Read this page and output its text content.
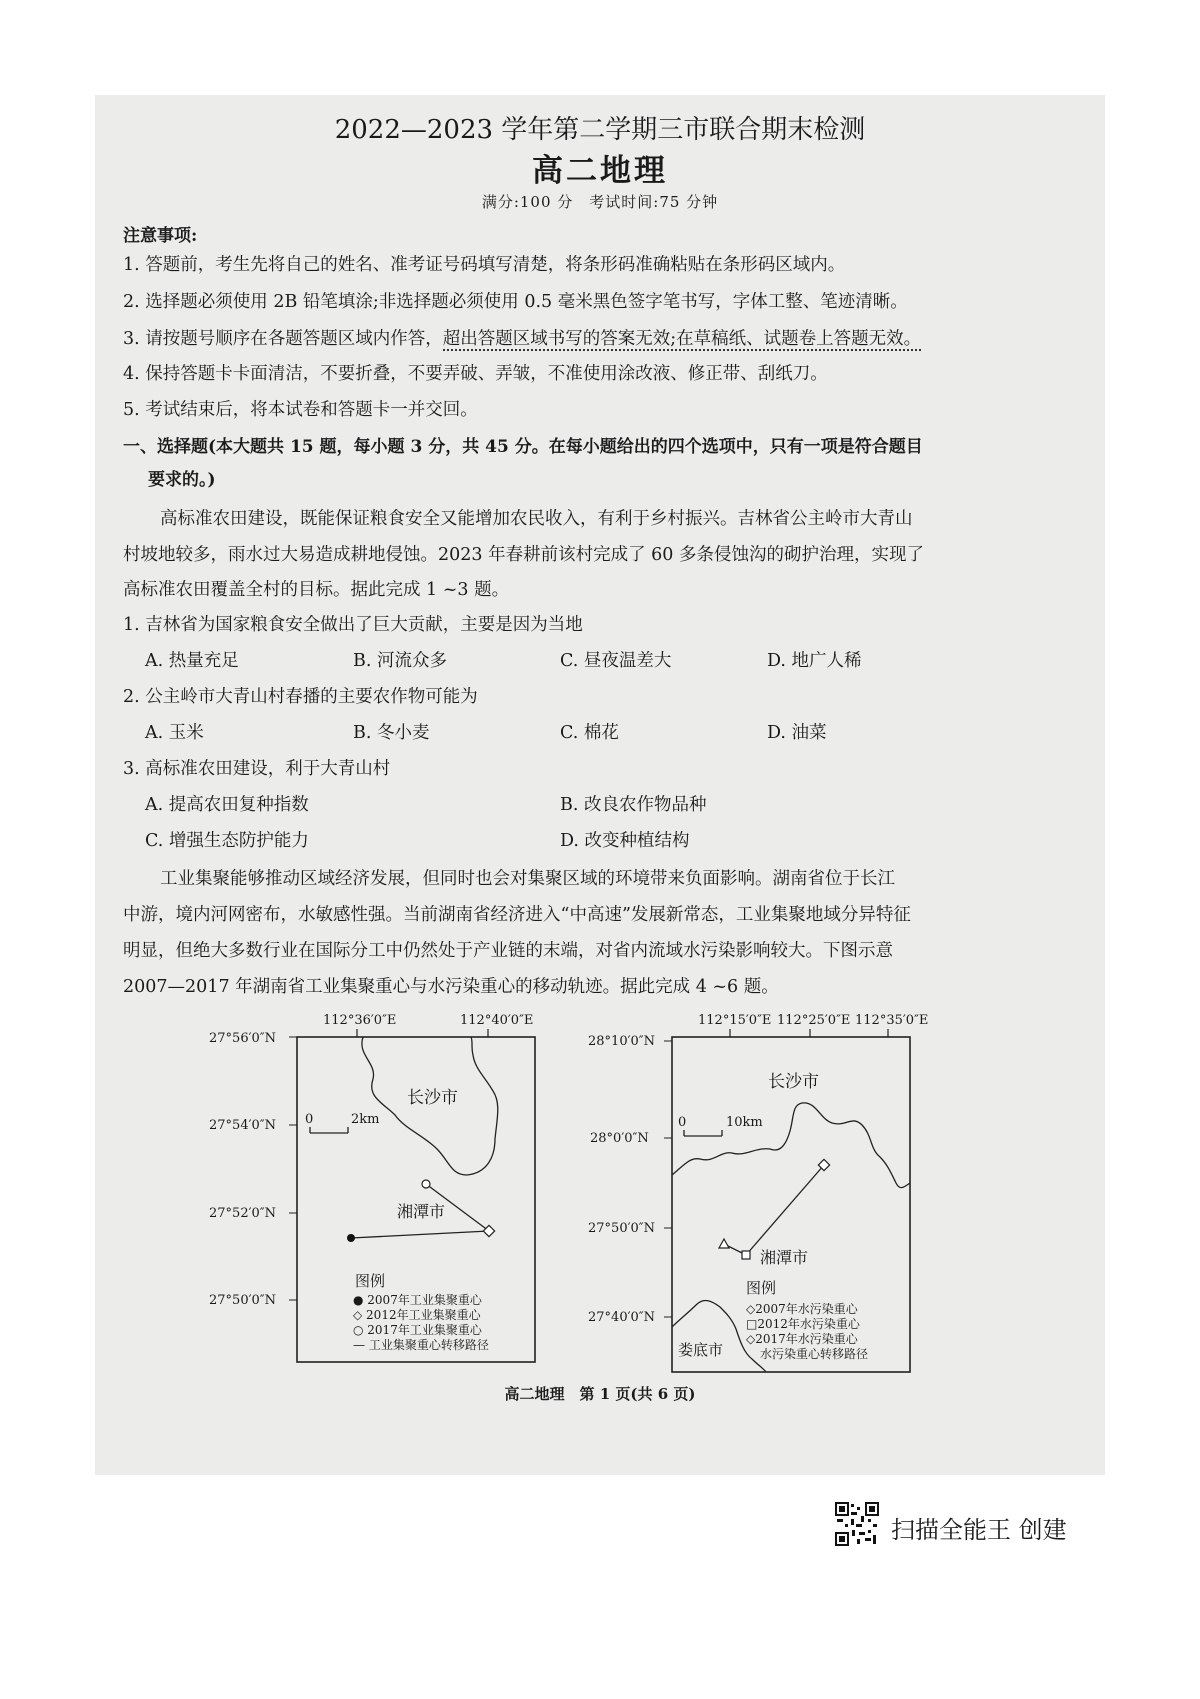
2022—2023 学年第二学期三市联合期末检测
高二地理
满分:100 分　考试时间:75 分钟
注意事项:
1. 答题前，考生先将自己的姓名、准考证号码填写清楚，将条形码准确粘贴在条形码区域内。
2. 选择题必须使用 2B 铅笔填涂;非选择题必须使用 0.5 毫米黑色签字笔书写，字体工整、笔迹清晰。
3. 请按题号顺序在各题答题区域内作答，超出答题区域书写的答案无效;在草稿纸、试题卷上答题无效。
4. 保持答题卡卡面清洁，不要折叠，不要弄破、弄皱，不准使用涂改液、修正带、刮纸刀。
5. 考试结束后，将本试卷和答题卡一并交回。
一、选择题(本大题共 15 题，每小题 3 分，共 45 分。在每小题给出的四个选项中，只有一项是符合题目
要求的。)
高标准农田建设，既能保证粮食安全又能增加农民收入，有利于乡村振兴。吉林省公主岭市大青山
村坡地较多，雨水过大易造成耕地侵蚀。2023 年春耕前该村完成了 60 多条侵蚀沟的砌护治理，实现了
高标准农田覆盖全村的目标。据此完成 1 ~3 题。
1. 吉林省为国家粮食安全做出了巨大贡献，主要是因为当地
A. 热量充足	B. 河流众多	C. 昼夜温差大	D. 地广人稀
2. 公主岭市大青山村春播的主要农作物可能为
A. 玉米	B. 冬小麦	C. 棉花	D. 油菜
3. 高标准农田建设，利于大青山村
A. 提高农田复种指数	B. 改良农作物品种
C. 增强生态防护能力	D. 改变种植结构
工业集聚能够推动区域经济发展，但同时也会对集聚区域的环境带来负面影响。湖南省位于长江
中游，境内河网密布，水敏感性强。当前湖南省经济进入“中高速”发展新常态，工业集聚地域分异特征
明显，但绝大多数行业在国际分工中仍然处于产业链的末端，对省内流域水污染影响较大。下图示意
2007—2017 年湖南省工业集聚重心与水污染重心的移动轨迹。据此完成 4 ~6 题。
112°36′0″E	112°40′0″E
27°56′0″N
27°54′0″N
27°52′0″N
27°50′0″N
长沙市
0	2km
湘潭市
图例
● 2007年工业集聚重心
◇ 2012年工业集聚重心
○ 2017年工业集聚重心
— 工业集聚重心转移路径
112°15′0″E 112°25′0″E 112°35′0″E
28°10′0″N
28°0′0″N
27°50′0″N
27°40′0″N
长沙市
0	10km
湘潭市
娄底市
图例
◇2007年水污染重心
□2012年水污染重心
◇2017年水污染重心
水污染重心转移路径
高二地理　第 1 页(共 6 页)
扫描全能王 创建
